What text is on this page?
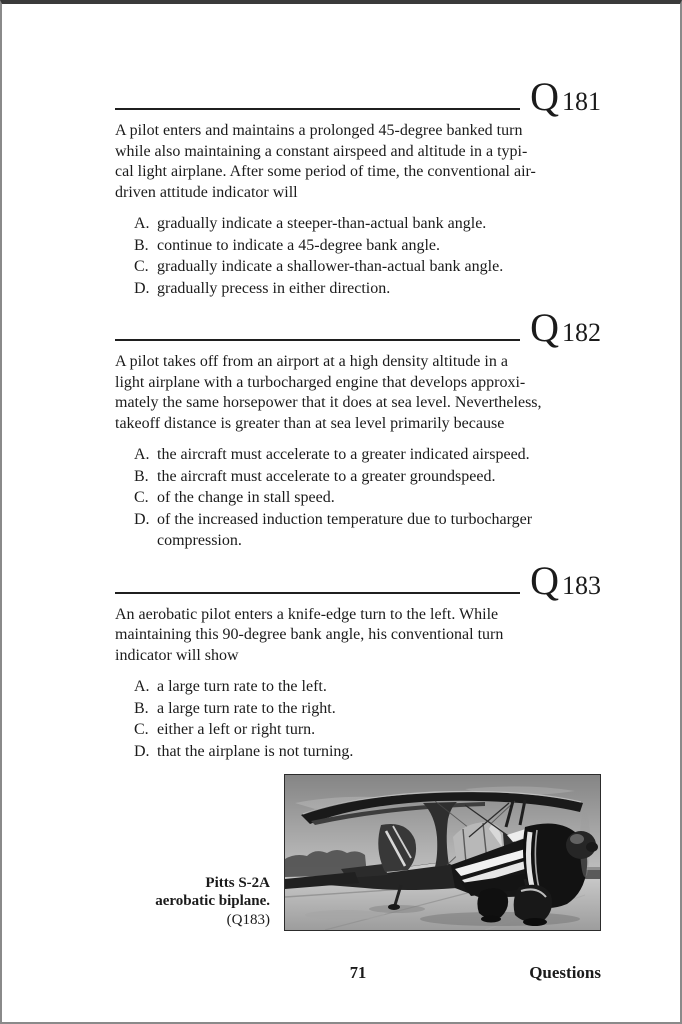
Q 181
A pilot enters and maintains a prolonged 45-degree banked turn
while also maintaining a constant airspeed and altitude in a typi-
cal light airplane. After some period of time, the conventional air-
driven attitude indicator will
A. gradually indicate a steeper-than-actual bank angle.
B. continue to indicate a 45-degree bank angle.
C. gradually indicate a shallower-than-actual bank angle.
D. gradually precess in either direction.
Q 182
A pilot takes off from an airport at a high density altitude in a
light airplane with a turbocharged engine that develops approxi-
mately the same horsepower that it does at sea level. Nevertheless,
takeoff distance is greater than at sea level primarily because
A. the aircraft must accelerate to a greater indicated airspeed.
B. the aircraft must accelerate to a greater groundspeed.
C. of the change in stall speed.
D. of the increased induction temperature due to turbocharger compression.
Q 183
An aerobatic pilot enters a knife-edge turn to the left. While
maintaining this 90-degree bank angle, his conventional turn
indicator will show
A. a large turn rate to the left.
B. a large turn rate to the right.
C. either a left or right turn.
D. that the airplane is not turning.
Pitts S-2A
aerobatic biplane.
(Q183)
71	Questions
